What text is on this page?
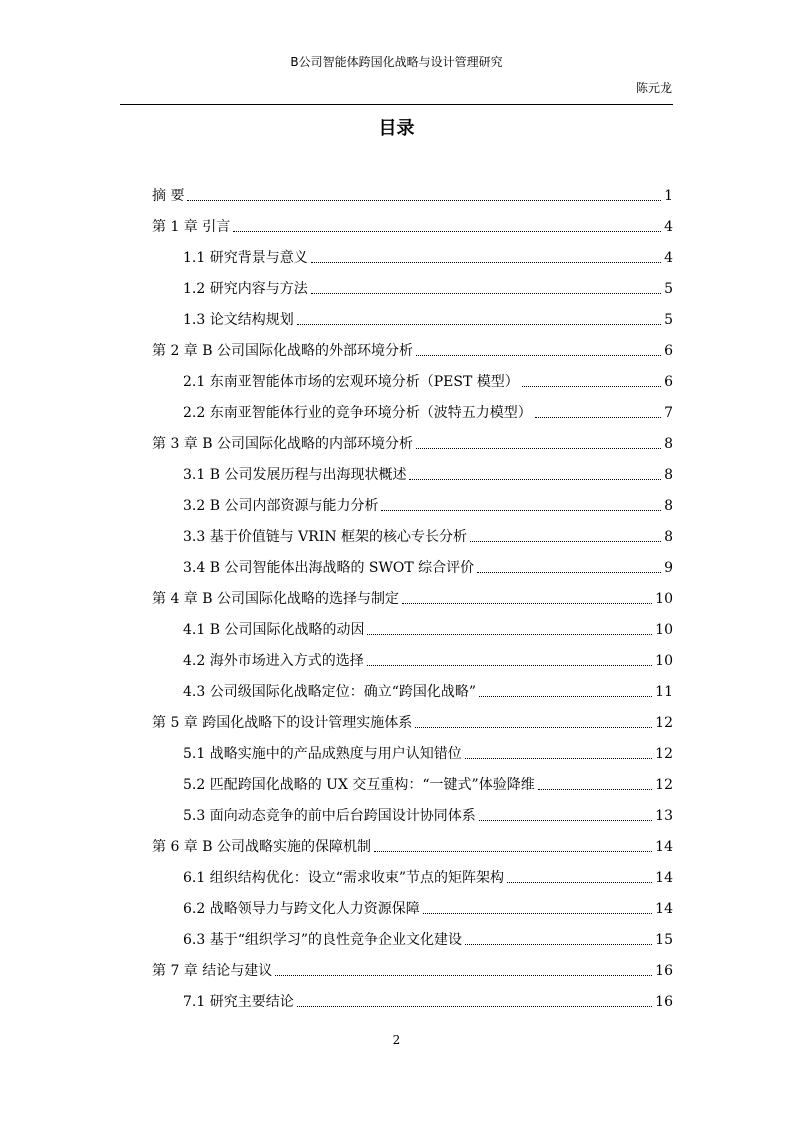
B公司智能体跨国化战略与设计管理研究
陈元龙
目录
摘 要	1
第 1 章 引言	4
1.1 研究背景与意义	4
1.2 研究内容与方法	5
1.3 论文结构规划	5
第 2 章 B 公司国际化战略的外部环境分析	6
2.1 东南亚智能体市场的宏观环境分析（PEST 模型）	6
2.2 东南亚智能体行业的竞争环境分析（波特五力模型）	7
第 3 章 B 公司国际化战略的内部环境分析	8
3.1 B 公司发展历程与出海现状概述	8
3.2 B 公司内部资源与能力分析	8
3.3 基于价值链与 VRIN 框架的核心专长分析	8
3.4 B 公司智能体出海战略的 SWOT 综合评价	9
第 4 章 B 公司国际化战略的选择与制定	10
4.1 B 公司国际化战略的动因	10
4.2 海外市场进入方式的选择	10
4.3 公司级国际化战略定位：确立“跨国化战略”	11
第 5 章 跨国化战略下的设计管理实施体系	12
5.1 战略实施中的产品成熟度与用户认知错位	12
5.2 匹配跨国化战略的 UX 交互重构：“一键式”体验降维	12
5.3 面向动态竞争的前中后台跨国设计协同体系	13
第 6 章 B 公司战略实施的保障机制	14
6.1 组织结构优化：设立“需求收束”节点的矩阵架构	14
6.2 战略领导力与跨文化人力资源保障	14
6.3 基于“组织学习”的良性竞争企业文化建设	15
第 7 章 结论与建议	16
7.1 研究主要结论	16
2
